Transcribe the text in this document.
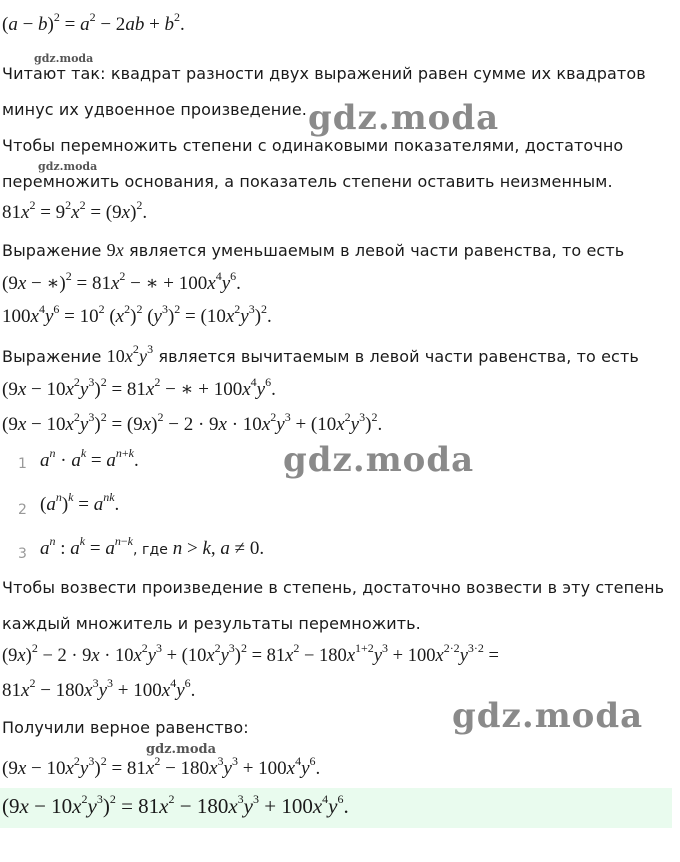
gdz.moda
gdz.moda
gdz.moda
gdz.moda
gdz.moda
gdz.moda
$(a - b)^2 = a^2 - 2ab + b^2$.
Читают так: квадрат разности двух выражений равен сумме их квадратов
минус их удвоенное произведение.
Чтобы перемножить степени с одинаковыми показателями, достаточно
перемножить основания, а показатель степени оставить неизменным.
$81x^2 = 9^2x^2 = (9x)^2$.
Выражение 9x является уменьшаемым в левой части равенства, то есть
(9x − ∗)$^2$ = $81x^2$ − ∗ + $100x^4y^6$.
$100x^4y^6 = 10^2$ $(x^2)^2$ $(y^3)^2 = (10x^2y^3)^2$.
Выражение $10x^2y^3$ является вычитаемым в левой части равенства, то есть
$(9x - 10x^2y^3)^2 = 81x^2$ − ∗ + $100x^4y^6$.
$(9x - 10x^2y^3)^2 = (9x)^2 - 2 \cdot 9x \cdot 10x^2y^3 + (10x^2y^3)^2$.
1 $a^n \cdot a^k = a^{n+k}$.
2 $(a^n)^k = a^{nk}$.
3 $a^n$ : $a^k = a^{n-k}$, где n > k, a ≠ 0.
Чтобы возвести произведение в степень, достаточно возвести в эту степень
каждый множитель и результаты перемножить.
$(9x)^2 - 2 \cdot 9x \cdot 10x^2y^3 + (10x^2y^3)^2 = 81x^2 - 180x^{1+2}y^3 + 100x^{2\cdot 2}y^{3\cdot 2}$ =
$81x^2 - 180x^3y^3 + 100x^4y^6$.
Получили верное равенство:
$(9x - 10x^2y^3)^2 = 81x^2 - 180x^3y^3 + 100x^4y^6$.
$(9x - 10x^2y^3)^2 = 81x^2 - 180x^3y^3 + 100x^4y^6$.
